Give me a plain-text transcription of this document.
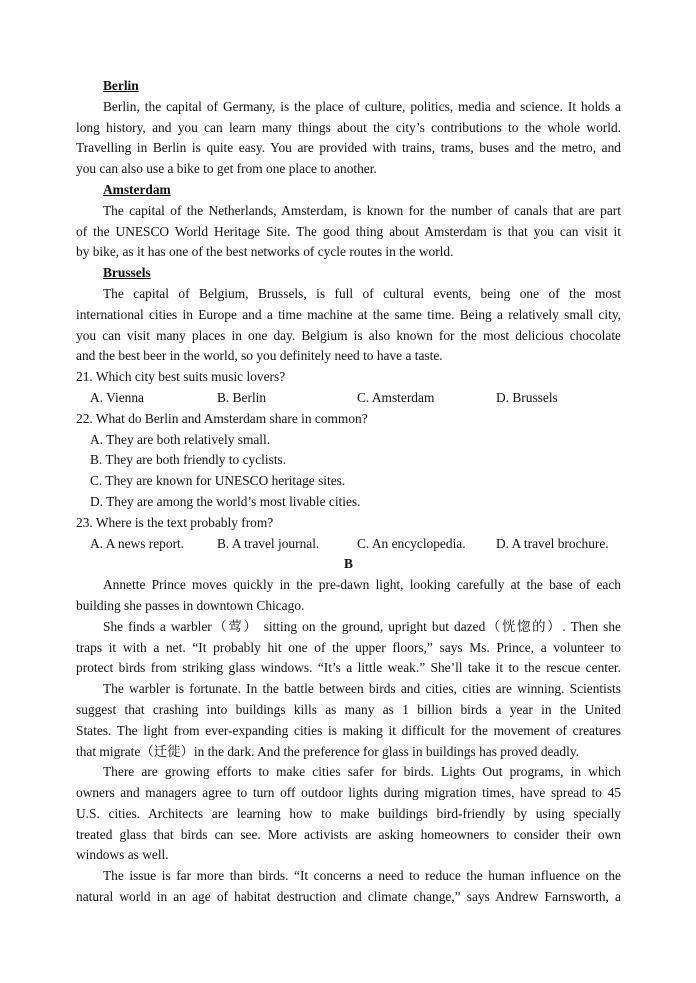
Berlin
Berlin, the capital of Germany, is the place of culture, politics, media and science. It holds a
long history, and you can learn many things about the city’s contributions to the whole world.
Travelling in Berlin is quite easy. You are provided with trains, trams, buses and the metro, and
you can also use a bike to get from one place to another.
Amsterdam
The capital of the Netherlands, Amsterdam, is known for the number of canals that are part
of the UNESCO World Heritage Site. The good thing about Amsterdam is that you can visit it
by bike, as it has one of the best networks of cycle routes in the world.
Brussels
The capital of Belgium, Brussels, is full of cultural events, being one of the most
international cities in Europe and a time machine at the same time. Being a relatively small city,
you can visit many places in one day. Belgium is also known for the most delicious chocolate
and the best beer in the world, so you definitely need to have a taste.
21. Which city best suits music lovers?
A. Vienna	B. Berlin	C. Amsterdam	D. Brussels
22. What do Berlin and Amsterdam share in common?
A. They are both relatively small.
B. They are both friendly to cyclists.
C. They are known for UNESCO heritage sites.
D. They are among the world’s most livable cities.
23. Where is the text probably from?
A. A news report.	B. A travel journal.	C. An encyclopedia.	D. A travel brochure.
B
Annette Prince moves quickly in the pre-dawn light, looking carefully at the base of each
building she passes in downtown Chicago.
She finds a warbler（莺） sitting on the ground, upright but dazed（恍惚的）. Then she
traps it with a net. “It probably hit one of the upper floors,” says Ms. Prince, a volunteer to
protect birds from striking glass windows. “It’s a little weak.” She’ll take it to the rescue center.
The warbler is fortunate. In the battle between birds and cities, cities are winning. Scientists
suggest that crashing into buildings kills as many as 1 billion birds a year in the United
States. The light from ever-expanding cities is making it difficult for the movement of creatures
that migrate（迁徙）in the dark. And the preference for glass in buildings has proved deadly.
There are growing efforts to make cities safer for birds. Lights Out programs, in which
owners and managers agree to turn off outdoor lights during migration times, have spread to 45
U.S. cities. Architects are learning how to make buildings bird-friendly by using specially
treated glass that birds can see. More activists are asking homeowners to consider their own
windows as well.
The issue is far more than birds. “It concerns a need to reduce the human influence on the
natural world in an age of habitat destruction and climate change,” says Andrew Farnsworth, a
